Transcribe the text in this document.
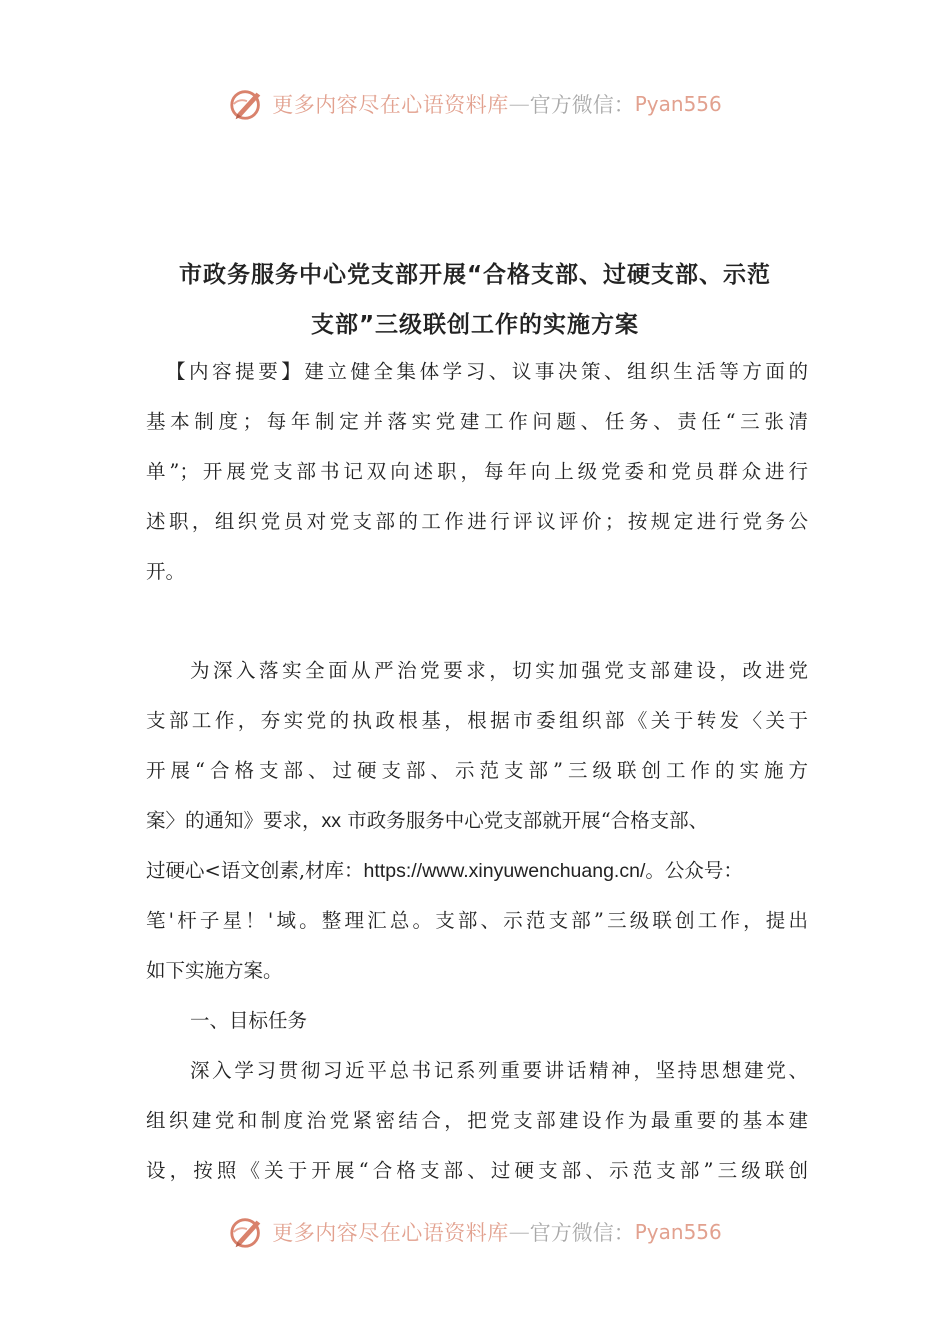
更多内容尽在心语资料库 — 官方微信： Pyan556
市政务服务中心党支部开展“合格支部、过硬支部、示范
支部”三级联创工作的实施方案
【内容提要】建立健全集体学习、议事决策、组织生活等方面的
基本制度；每年制定并落实党建工作问题、任务、责任“三张清
单”；开展党支部书记双向述职，每年向上级党委和党员群众进行
述职，组织党员对党支部的工作进行评议评价；按规定进行党务公
开。
为深入落实全面从严治党要求，切实加强党支部建设，改进党
支部工作，夯实党的执政根基，根据市委组织部《关于转发〈关于
开展“合格支部、过硬支部、示范支部”三级联创工作的实施方
案〉的通知》要求，xx 市政务服务中心党支部就开展“合格支部、
过硬心<语文创素,材库：https://www.xinyuwenchuang.cn/。公众号：
笔'杆子星！'域。整理汇总。支部、示范支部”三级联创工作，提出
如下实施方案。
一、目标任务
深入学习贯彻习近平总书记系列重要讲话精神，坚持思想建党、
组织建党和制度治党紧密结合，把党支部建设作为最重要的基本建
设，按照《关于开展“合格支部、过硬支部、示范支部”三级联创
更多内容尽在心语资料库 — 官方微信： Pyan556
